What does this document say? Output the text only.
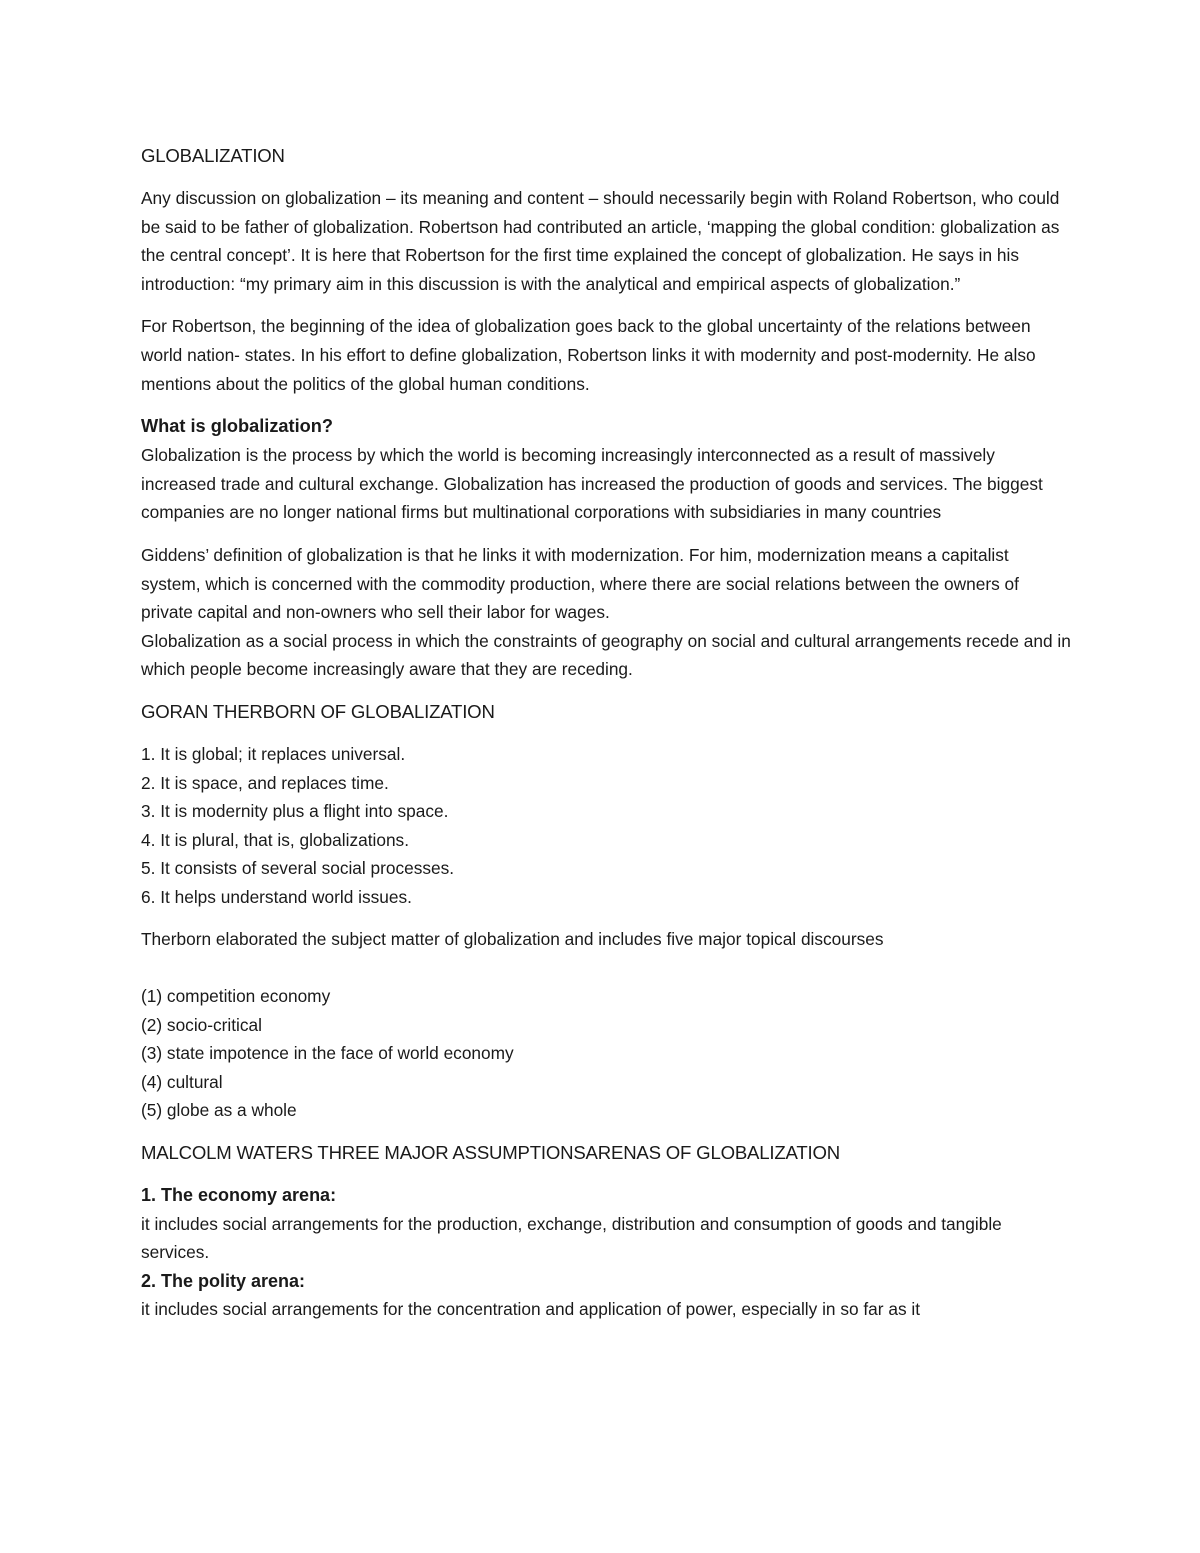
GLOBALIZATION

Any discussion on globalization – its meaning and content – should necessarily begin with Roland Robertson, who could be said to be father of globalization. Robertson had contributed an article, ‘mapping the global condition: globalization as the central concept’. It is here that Robertson for the first time explained the concept of globalization. He says in his introduction: “my primary aim in this discussion is with the analytical and empirical aspects of globalization.”

For Robertson, the beginning of the idea of globalization goes back to the global uncertainty of the relations between world nation- states. In his effort to define globalization, Robertson links it with modernity and post-modernity. He also mentions about the politics of the global human conditions.

What is globalization?

Globalization is the process by which the world is becoming increasingly interconnected as a result of massively increased trade and cultural exchange. Globalization has increased the production of goods and services. The biggest companies are no longer national firms but multinational corporations with subsidiaries in many countries

Giddens’ definition of globalization is that he links it with modernization. For him, modernization means a capitalist system, which is concerned with the commodity production, where there are social relations between the owners of private capital and non-owners who sell their labor for wages.

Globalization as a social process in which the constraints of geography on social and cultural arrangements recede and in which people become increasingly aware that they are receding.

GORAN THERBORN OF GLOBALIZATION
1. It is global; it replaces universal.
2. It is space, and replaces time.
3. It is modernity plus a flight into space.
4. It is plural, that is, globalizations.
5. It consists of several social processes.
6. It helps understand world issues.
Therborn elaborated the subject matter of globalization and includes five major topical discourses
(1) competition economy
(2) socio-critical
(3) state impotence in the face of world economy
(4) cultural
(5) globe as a whole
MALCOLM WATERS THREE MAJOR ASSUMPTIONSARENAS OF GLOBALIZATION
1. The economy arena:
it includes social arrangements for the production, exchange, distribution and consumption of goods and tangible services.
2. The polity arena:
it includes social arrangements for the concentration and application of power, especially in so far as it
